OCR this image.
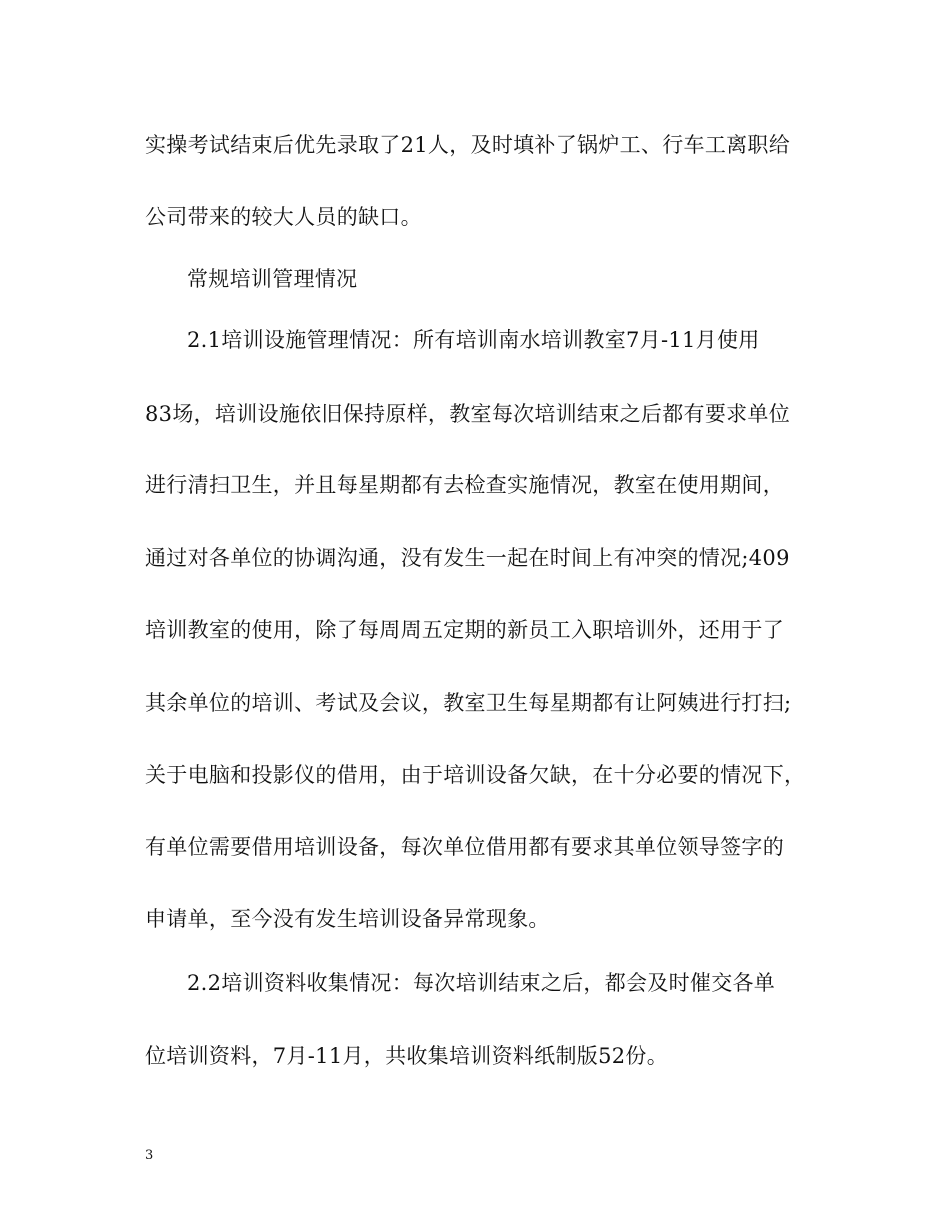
实操考试结束后优先录取了21人，及时填补了锅炉工、行车工离职给
公司带来的较大人员的缺口。
常规培训管理情况
2.1培训设施管理情况：所有培训南水培训教室7月-11月使用
83场，培训设施依旧保持原样，教室每次培训结束之后都有要求单位
进行清扫卫生，并且每星期都有去检查实施情况，教室在使用期间，
通过对各单位的协调沟通，没有发生一起在时间上有冲突的情况;409
培训教室的使用，除了每周周五定期的新员工入职培训外，还用于了
其余单位的培训、考试及会议，教室卫生每星期都有让阿姨进行打扫;
关于电脑和投影仪的借用，由于培训设备欠缺，在十分必要的情况下，
有单位需要借用培训设备，每次单位借用都有要求其单位领导签字的
申请单，至今没有发生培训设备异常现象。
2.2培训资料收集情况：每次培训结束之后，都会及时催交各单
位培训资料，7月-11月，共收集培训资料纸制版52份。
3
